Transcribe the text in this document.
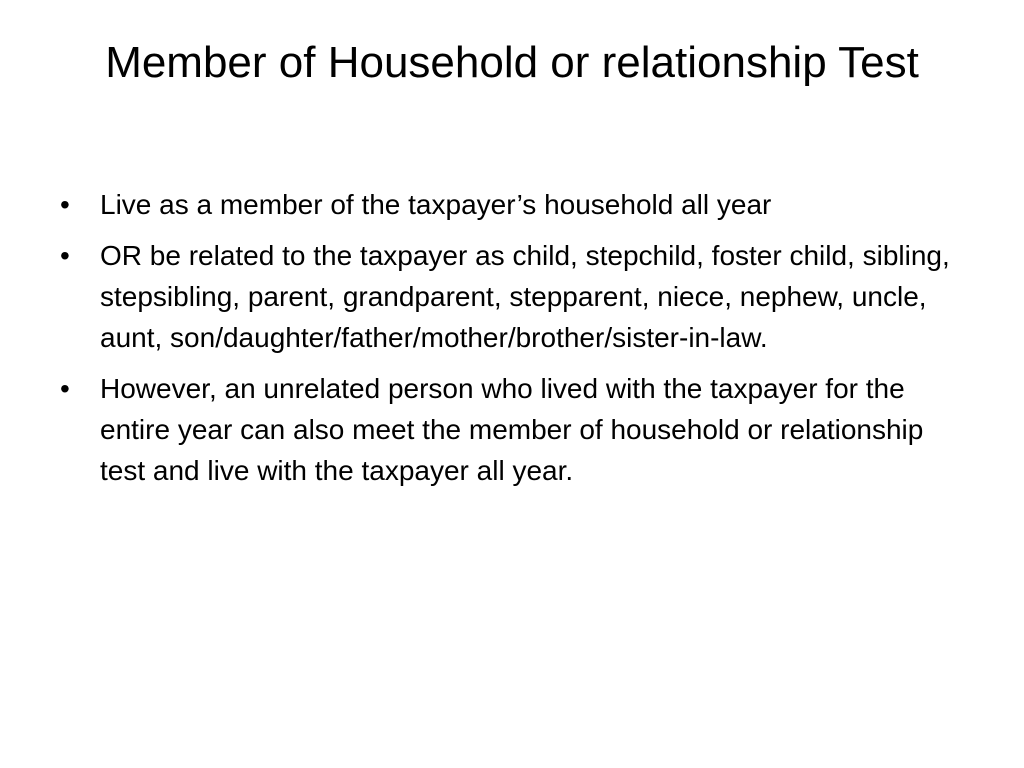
Member of Household or relationship Test
•	Live as a member of the taxpayer’s household all year
•	OR be related to the taxpayer as child, stepchild, foster child, sibling, stepsibling, parent, grandparent, stepparent, niece, nephew, uncle, aunt, son/daughter/father/mother/brother/sister-in-law.
•	However, an unrelated person who lived with the taxpayer for the entire year can also meet the member of household or relationship test and live with the taxpayer all year.
